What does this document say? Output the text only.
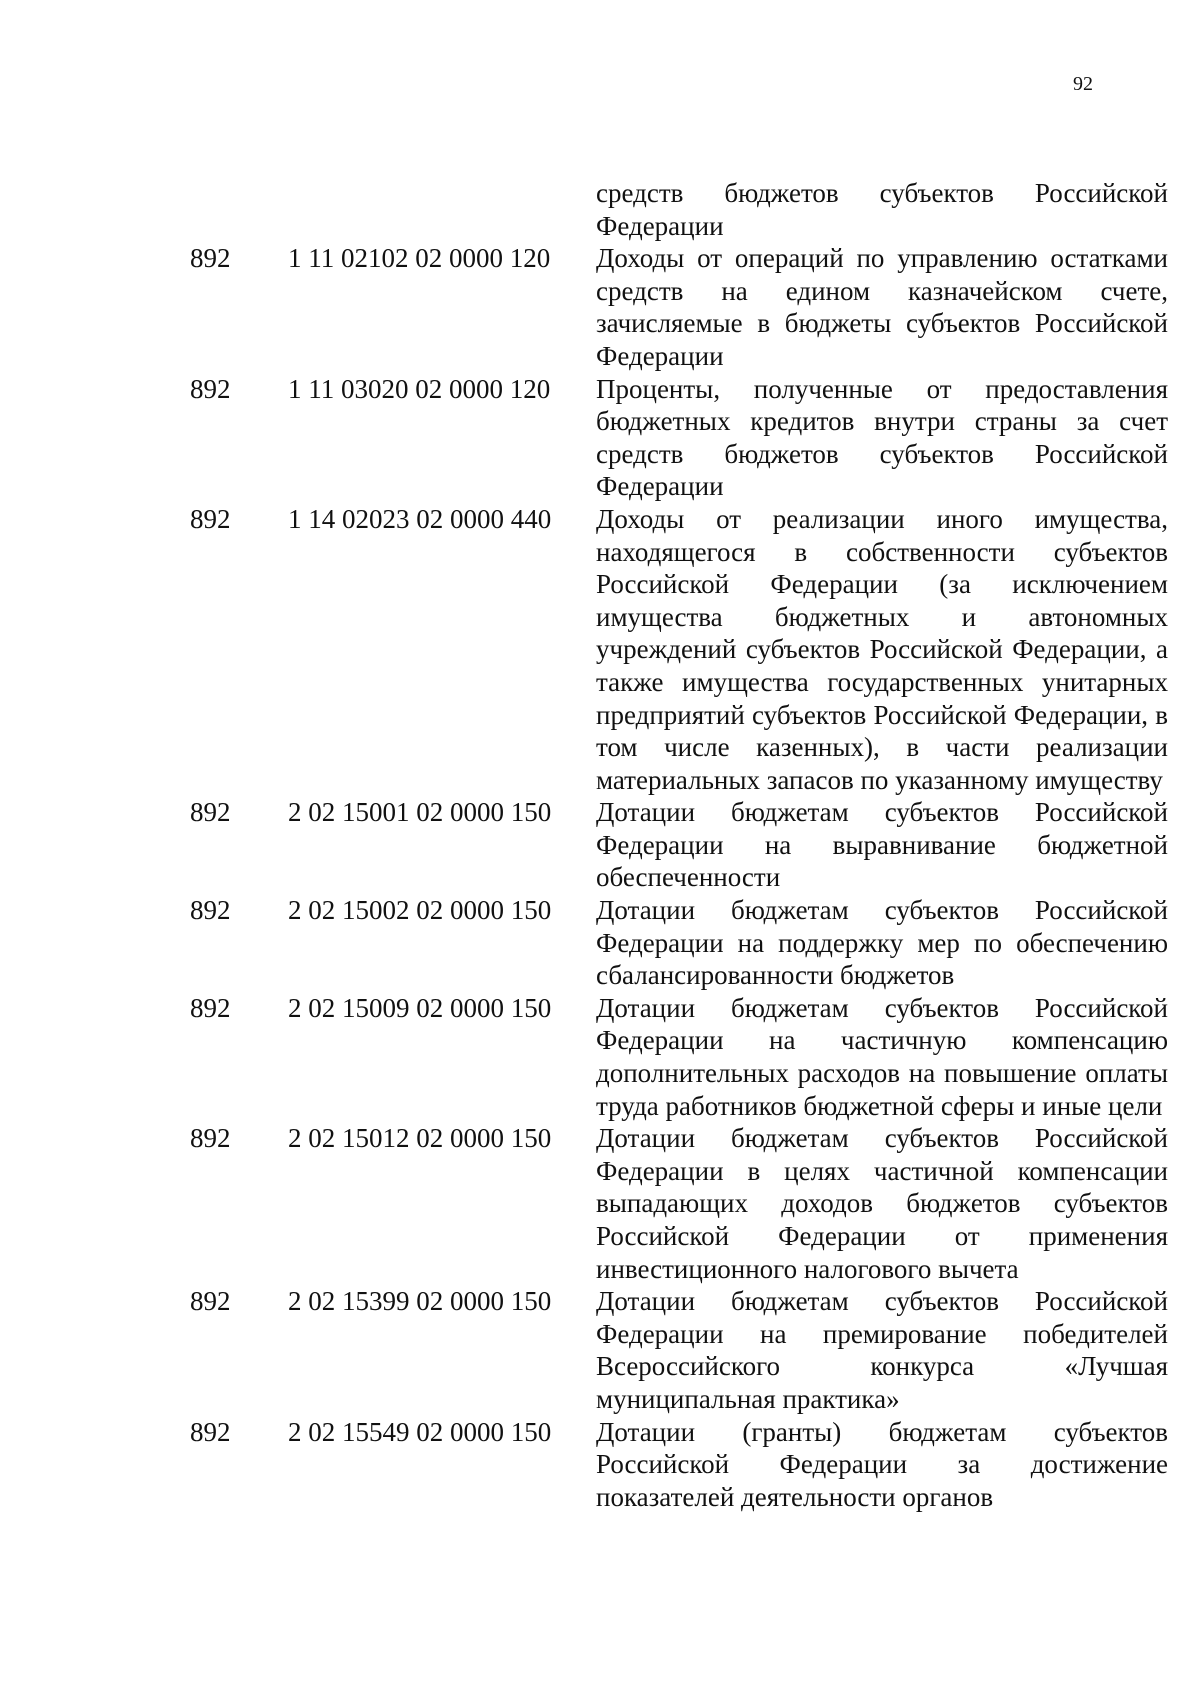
92
средств бюджетов субъектов Российской Федерации
892	1 11 02102 02 0000 120	Доходы от операций по управлению остатками средств на едином казначейском счете, зачисляемые в бюджеты субъектов Российской Федерации
892	1 11 03020 02 0000 120	Проценты, полученные от предоставления бюджетных кредитов внутри страны за счет средств бюджетов субъектов Российской Федерации
892	1 14 02023 02 0000 440	Доходы от реализации иного имущества, находящегося в собственности субъектов Российской Федерации (за исключением имущества бюджетных и автономных учреждений субъектов Российской Федерации, а также имущества государственных унитарных предприятий субъектов Российской Федерации, в том числе казенных), в части реализации материальных запасов по указанному имуществу
892	2 02 15001 02 0000 150	Дотации бюджетам субъектов Российской Федерации на выравнивание бюджетной обеспеченности
892	2 02 15002 02 0000 150	Дотации бюджетам субъектов Российской Федерации на поддержку мер по обеспечению сбалансированности бюджетов
892	2 02 15009 02 0000 150	Дотации бюджетам субъектов Российской Федерации на частичную компенсацию дополнительных расходов на повышение оплаты труда работников бюджетной сферы и иные цели
892	2 02 15012 02 0000 150	Дотации бюджетам субъектов Российской Федерации в целях частичной компенсации выпадающих доходов бюджетов субъектов Российской Федерации от применения инвестиционного налогового вычета
892	2 02 15399 02 0000 150	Дотации бюджетам субъектов Российской Федерации на премирование победителей Всероссийского конкурса «Лучшая муниципальная практика»
892	2 02 15549 02 0000 150	Дотации (гранты) бюджетам субъектов Российской Федерации за достижение показателей деятельности органов
